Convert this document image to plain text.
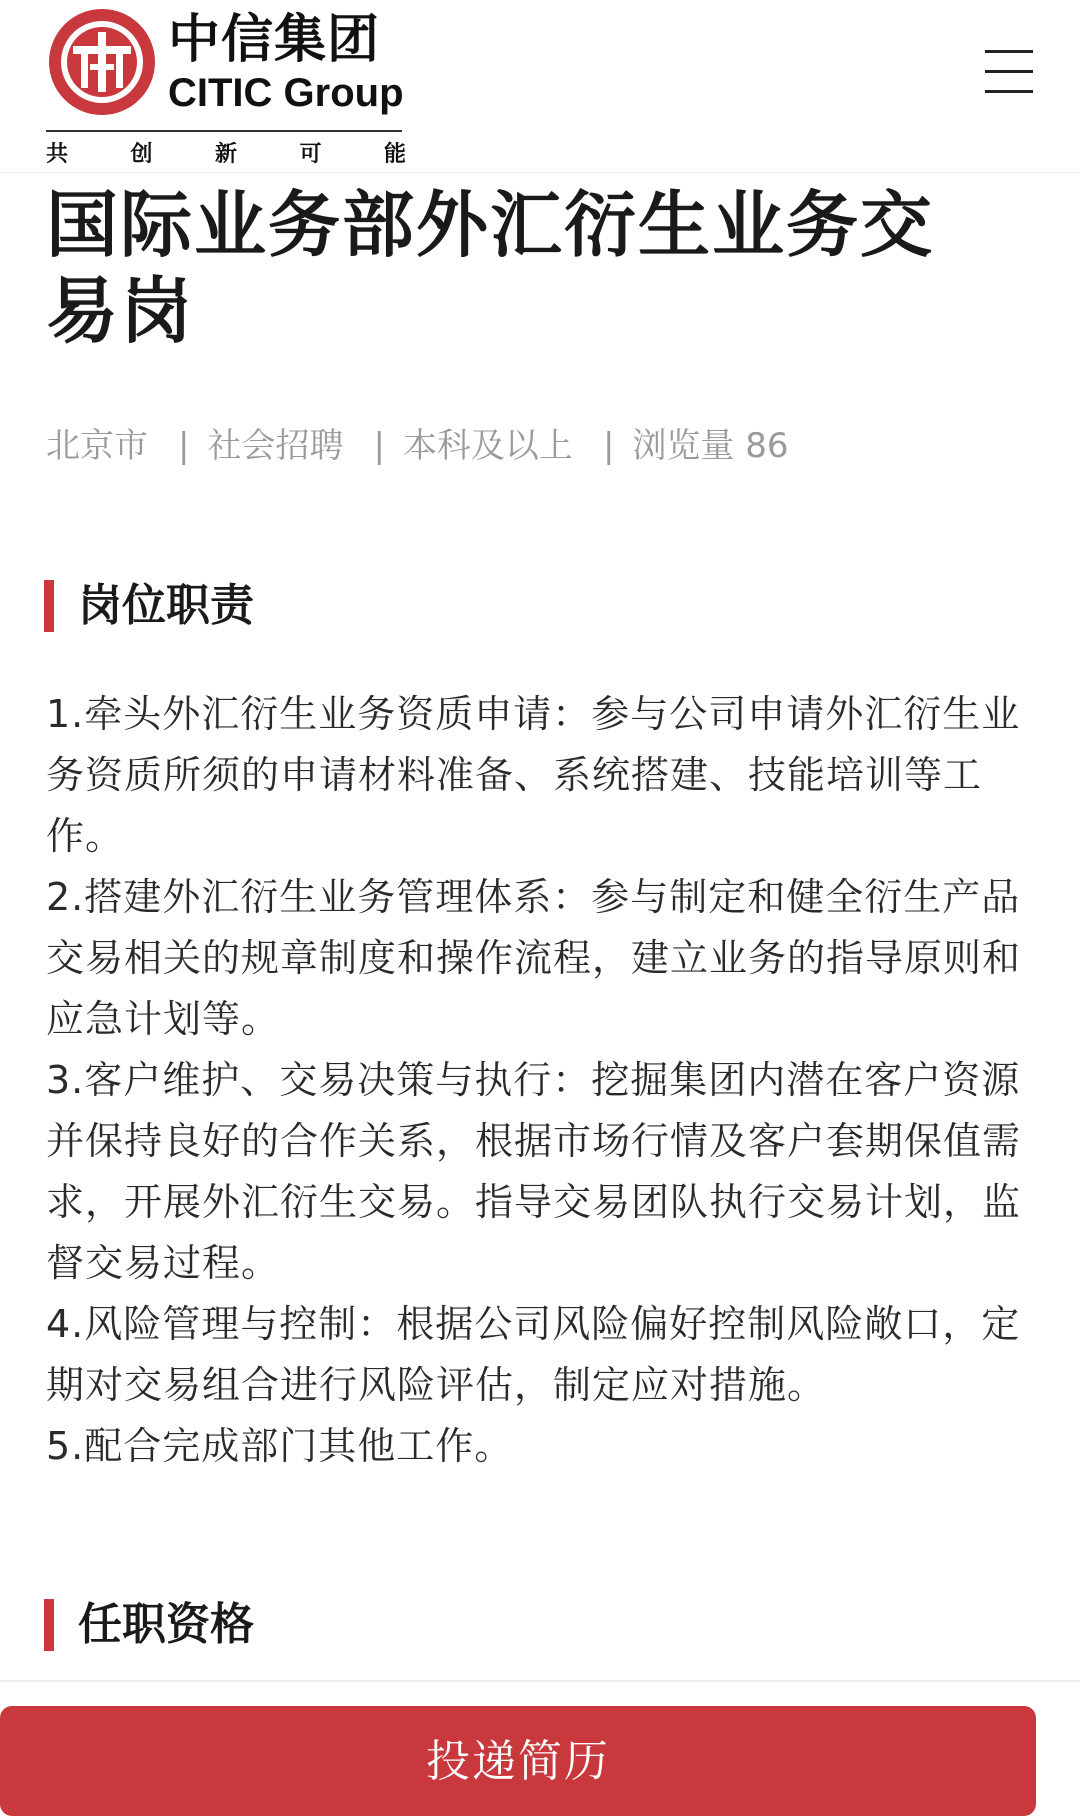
中信集团
CITIC Group
共	创	新	可	能
国际业务部外汇衍生业务交易岗
北京市 | 社会招聘 | 本科及以上 | 浏览量 86
岗位职责
1.牵头外汇衍生业务资质申请：参与公司申请外汇衍生业务资质所须的申请材料准备、系统搭建、技能培训等工作。
2.搭建外汇衍生业务管理体系：参与制定和健全衍生产品交易相关的规章制度和操作流程，建立业务的指导原则和应急计划等。
3.客户维护、交易决策与执行：挖掘集团内潜在客户资源并保持良好的合作关系，根据市场行情及客户套期保值需求，开展外汇衍生交易。指导交易团队执行交易计划，监督交易过程。
4.风险管理与控制：根据公司风险偏好控制风险敞口，定期对交易组合进行风险评估，制定应对措施。
5.配合完成部门其他工作。
任职资格
投递简历
